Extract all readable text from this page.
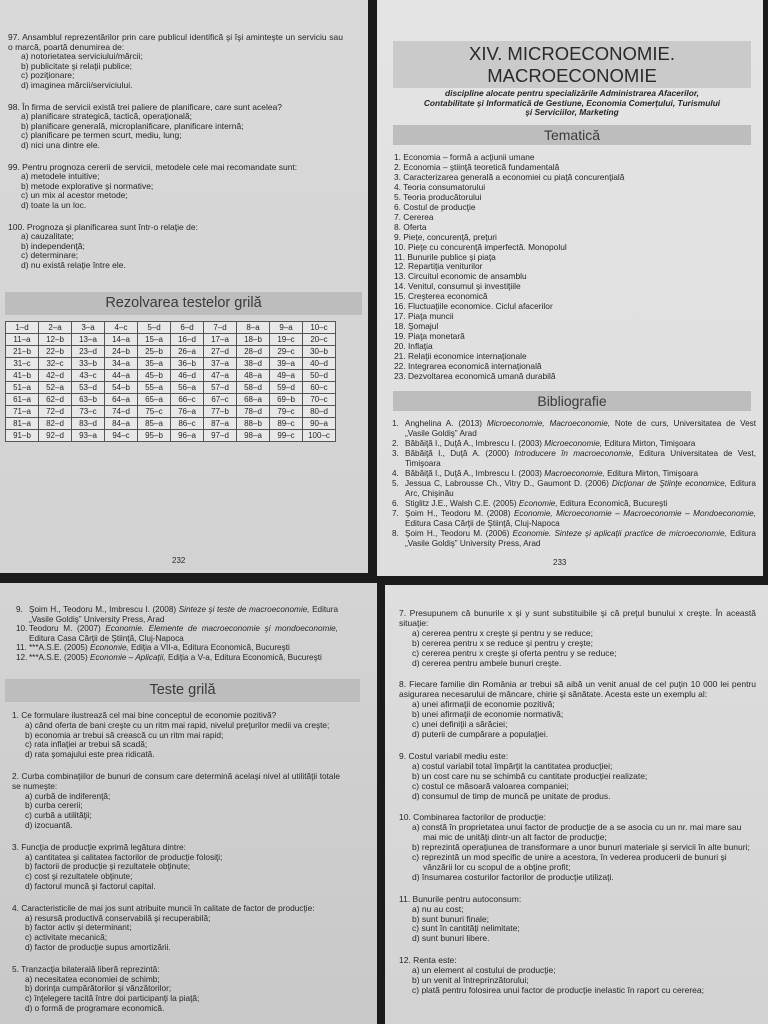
97. Ansamblul reprezentărilor prin care publicul identifică şi îşi aminteşte un serviciu sau o marcă, poartă denumirea de:
a) notorietatea serviciului/mărcii;
b) publicitate şi relaţii publice;
c) poziţionare;
d) imaginea mărcii/serviciului.
98. În firma de servicii există trei paliere de planificare, care sunt acelea?
a) planificare strategică, tactică, operaţională;
b) planificare generală, microplanificare, planificare internă;
c) planificare pe termen scurt, mediu, lung;
d) nici una dintre ele.
99. Pentru prognoza cererii de servicii, metodele cele mai recomandate sunt:
a) metodele intuitive;
b) metode explorative şi normative;
c) un mix al acestor metode;
d) toate la un loc.
100. Prognoza şi planificarea sunt într-o relaţie de:
a) cauzalitate;
b) independenţă;
c) determinare;
d) nu există relaţie între ele.
Rezolvarea testelor grilă
1–d	2–a	3–a	4–c	5–d	6–d	7–d	8–a	9–a	10–c
11–a	12–b	13–a	14–a	15–a	16–d	17–a	18–b	19–c	20–c
21–b	22–b	23–d	24–b	25–b	26–a	27–d	28–d	29–c	30–b
31–c	32–c	33–b	34–a	35–a	36–b	37–a	38–d	39–a	40–d
41–b	42–d	43–c	44–a	45–b	46–d	47–a	48–a	49–a	50–d
51–a	52–a	53–d	54–b	55–a	56–a	57–d	58–d	59–d	60–c
61–a	62–d	63–b	64–a	65–a	66–c	67–c	68–a	69–b	70–c
71–a	72–d	73–c	74–d	75–c	76–a	77–b	78–d	79–c	80–d
81–a	82–d	83–d	84–a	85–a	86–c	87–a	88–b	89–c	90–a
91–b	92–d	93–a	94–c	95–b	96–a	97–d	98–a	99–c	100–c
232
XIV. MICROECONOMIE.
MACROECONOMIE
discipline alocate pentru specializările Administrarea Afacerilor,
Contabilitate şi Informatică de Gestiune, Economia Comerţului, Turismului
şi Serviciilor, Marketing
Tematică
1. Economia – formă a acţiunii umane
2. Economia – ştiinţă teoretică fundamentală
3. Caracterizarea generală a economiei cu piaţă concurenţială
4. Teoria consumatorului
5. Teoria producătorului
6. Costul de producţie
7. Cererea
8. Oferta
9. Pieţe, concurenţă, preţuri
10. Pieţe cu concurenţă imperfectă. Monopolul
11. Bunurile publice şi piaţa
12. Repartiţia veniturilor
13. Circuitul economic de ansamblu
14. Venitul, consumul şi investiţiile
15. Creşterea economică
16. Fluctuaţiile economice. Ciclul afacerilor
17. Piaţa muncii
18. Şomajul
19. Piaţa monetară
20. Inflaţia
21. Relaţii economice internaţionale
22. Integrarea economică internaţională
23. Dezvoltarea economică umană durabilă
Bibliografie
1. Anghelina A. (2013) Microeconomie, Macroeconomie, Note de curs, Universitatea de Vest „Vasile Goldiş” Arad
2. Băbăiţă I., Duţă A., Imbrescu I. (2003) Microeconomie, Editura Mirton, Timişoara
3. Băbăiţă I., Duţă A. (2000) Introducere în macroeconomie, Editura Universitatea de Vest, Timişoara
4. Băbăiţă I., Duţă A., Imbrescu I. (2003) Macroeconomie, Editura Mirton, Timişoara
5. Jessua C, Labrousse Ch., Vitry D., Gaumont D. (2006) Dicţionar de Ştiinţe economice, Editura Arc, Chişinău
6. Stiglitz J.E., Walsh C.E. (2005) Economie, Editura Economică, Bucureşti
7. Şoim H., Teodoru M. (2008) Economie, Microeconomie – Macroeconomie – Mondoeconomie, Editura Casa Cărţii de Ştiinţă, Cluj-Napoca
8. Şoim H., Teodoru M. (2006) Economie. Sinteze şi aplicaţii practice de microeconomie, Editura „Vasile Goldiş” University Press, Arad
233
9. Şoim H., Teodoru M., Imbrescu I. (2008) Sinteze şi teste de macroeconomie, Editura „Vasile Goldiş” University Press, Arad
10. Teodoru M. (2007) Economie. Elemente de macroeconomie şi mondoeconomie, Editura Casa Cărţii de Ştiinţă, Cluj-Napoca
11. ***A.S.E. (2005) Economie, Ediţia a VII-a, Editura Economică, Bucureşti
12. ***A.S.E. (2005) Economie – Aplicaţii, Ediţia a V-a, Editura Economică, Bucureşti
Teste grilă
1. Ce formulare ilustrează cel mai bine conceptul de economie pozitivă?
a) când oferta de bani creşte cu un ritm mai rapid, nivelul preţurilor medii va creşte;
b) economia ar trebui să crească cu un ritm mai rapid;
c) rata inflaţiei ar trebui să scadă;
d) rata şomajului este prea ridicată.
2. Curba combinaţiilor de bunuri de consum care determină acelaşi nivel al utilităţii totale se numeşte:
a) curbă de indiferenţă;
b) curba cererii;
c) curbă a utilităţii;
d) izocuantă.
3. Funcţia de producţie exprimă legătura dintre:
a) cantitatea şi calitatea factorilor de producţie folosiţi;
b) factorii de producţie şi rezultatele obţinute;
c) cost şi rezultatele obţinute;
d) factorul muncă şi factorul capital.
4. Caracteristicile de mai jos sunt atribuite muncii în calitate de factor de producţie:
a) resursă productivă conservabilă şi recuperabilă;
b) factor activ şi determinant;
c) activitate mecanică;
d) factor de producţie supus amortizării.
5. Tranzacţia bilaterală liberă reprezintă:
a) necesitatea economiei de schimb;
b) dorinţa cumpărătorilor şi vânzătorilor;
c) înţelegere tacită între doi participanţi la piaţă;
d) o formă de programare economică.
7. Presupunem că bunurile x şi y sunt substituibile şi că preţul bunului x creşte. În această situaţie:
a) cererea pentru x creşte şi pentru y se reduce;
b) cererea pentru x se reduce şi pentru y creşte;
c) cererea pentru x creşte şi oferta pentru y se reduce;
d) cererea pentru ambele bunuri creşte.
8. Fiecare familie din România ar trebui să aibă un venit anual de cel puţin 10 000 lei pentru asigurarea necesarului de mâncare, chirie şi sănătate. Acesta este un exemplu al:
a) unei afirmaţii de economie pozitivă;
b) unei afirmaţii de economie normativă;
c) unei definiţii a sărăciei;
d) puterii de cumpărare a populaţiei.
9. Costul variabil mediu este:
a) costul variabil total împărţit la cantitatea producţiei;
b) un cost care nu se schimbă cu cantitate producţiei realizate;
c) costul ce măsoară valoarea companiei;
d) consumul de timp de muncă pe unitate de produs.
10. Combinarea factorilor de producţie:
a) constă în proprietatea unui factor de producţie de a se asocia cu un nr. mai mare sau mai mic de unităţi dintr-un alt factor de producţie;
b) reprezintă operaţiunea de transformare a unor bunuri materiale şi servicii în alte bunuri;
c) reprezintă un mod specific de unire a acestora, în vederea producerii de bunuri şi vânzării lor cu scopul de a obţine profit;
d) însumarea costurilor factorilor de producţie utilizaţi.
11. Bunurile pentru autoconsum:
a) nu au cost;
b) sunt bunuri finale;
c) sunt în cantităţi nelimitate;
d) sunt bunuri libere.
12. Renta este:
a) un element al costului de producţie;
b) un venit al întreprinzătorului;
c) plată pentru folosirea unui factor de producţie inelastic în raport cu cererea;
